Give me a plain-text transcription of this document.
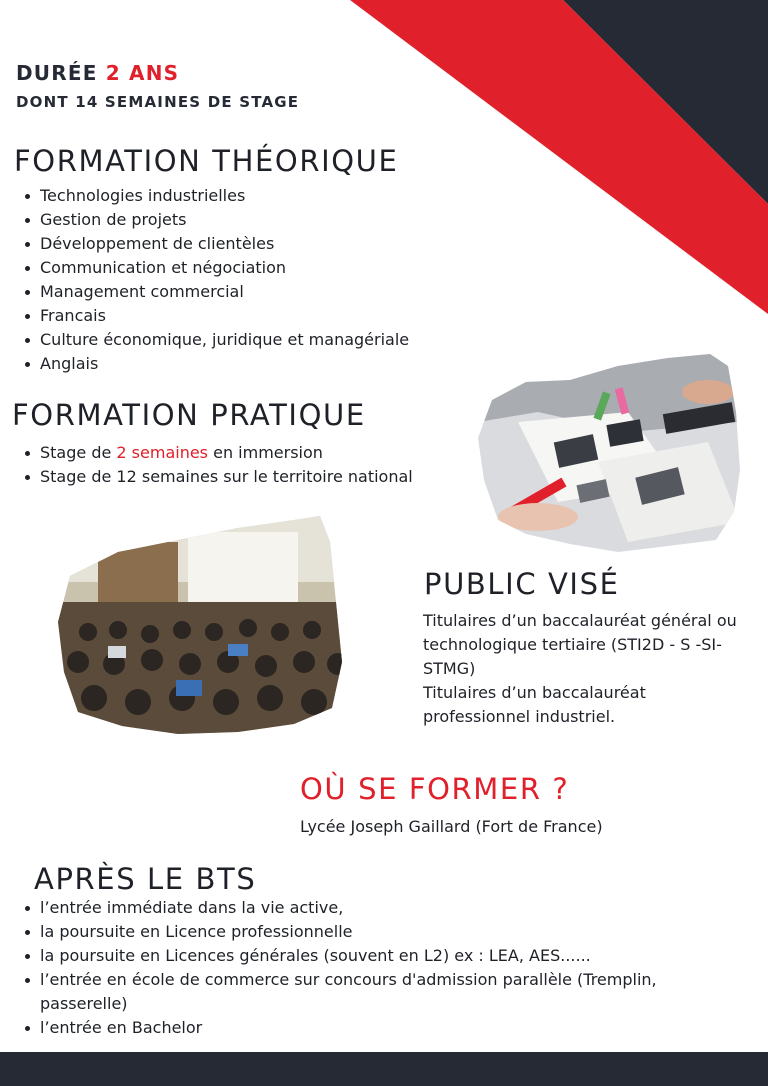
DURÉE 2 ANS
DONT 14 SEMAINES DE STAGE
FORMATION THÉORIQUE
Technologies industrielles
Gestion de projets
Développement de clientèles
Communication et négociation
Management commercial
Francais
Culture économique, juridique et managériale
Anglais
FORMATION PRATIQUE
Stage de 2 semaines en immersion
Stage de 12 semaines sur le territoire national
PUBLIC VISÉ
Titulaires d’un baccalauréat général ou
technologique tertiaire (STI2D - S -SI-
STMG)
Titulaires d’un baccalauréat
professionnel industriel.
OÙ SE FORMER ?
Lycée Joseph Gaillard (Fort de France)
APRÈS LE BTS
l’entrée immédiate dans la vie active,
la poursuite en Licence professionnelle
la poursuite en Licences générales (souvent en L2) ex : LEA, AES......
l’entrée en école de commerce sur concours d'admission parallèle (Tremplin, passerelle)
l’entrée en Bachelor
